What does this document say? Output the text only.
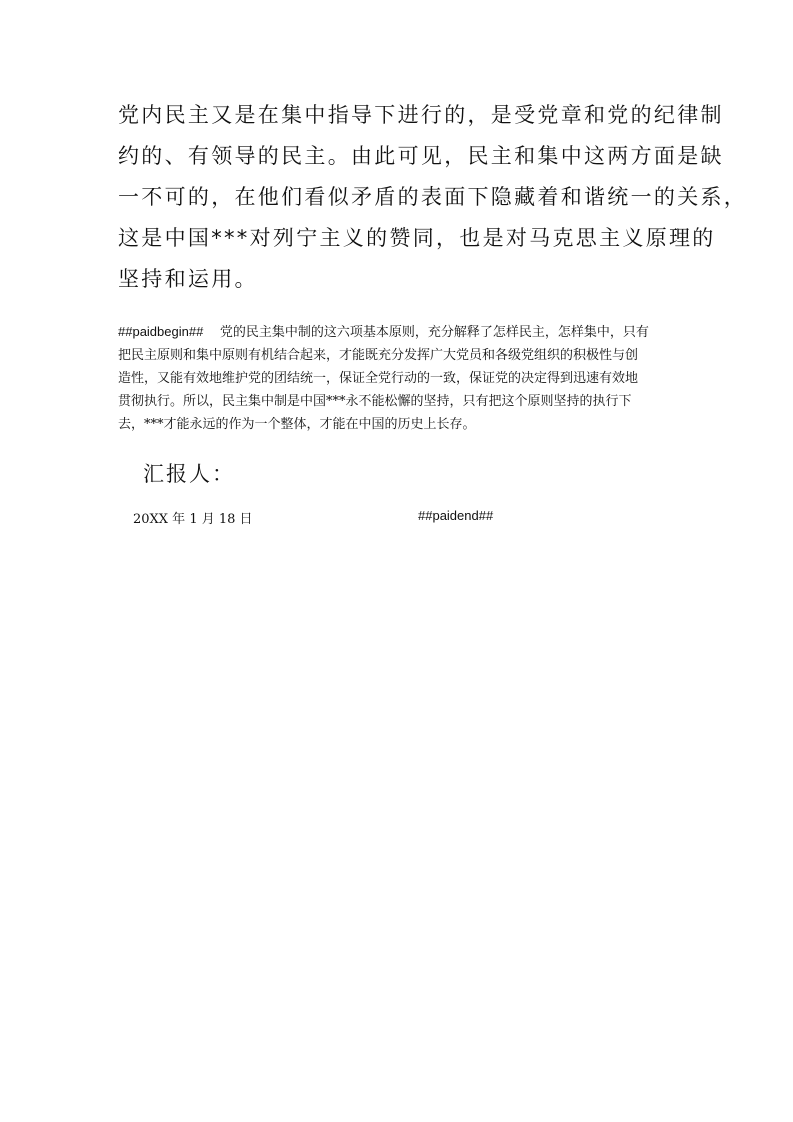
党内民主又是在集中指导下进行的，是受党章和党的纪律制
约的、有领导的民主。由此可见，民主和集中这两方面是缺
一不可的，在他们看似矛盾的表面下隐藏着和谐统一的关系，
这是中国***对列宁主义的赞同，也是对马克思主义原理的
坚持和运用。
##paidbegin## 党的民主集中制的这六项基本原则，充分解释了怎样民主，怎样集中，只有
把民主原则和集中原则有机结合起来，才能既充分发挥广大党员和各级党组织的积极性与创
造性，又能有效地维护党的团结统一，保证全党行动的一致，保证党的决定得到迅速有效地
贯彻执行。所以，民主集中制是中国***永不能松懈的坚持，只有把这个原则坚持的执行下
去，***才能永远的作为一个整体，才能在中国的历史上长存。

汇报人：

20XX 年 1 月 18 日	##paidend##
